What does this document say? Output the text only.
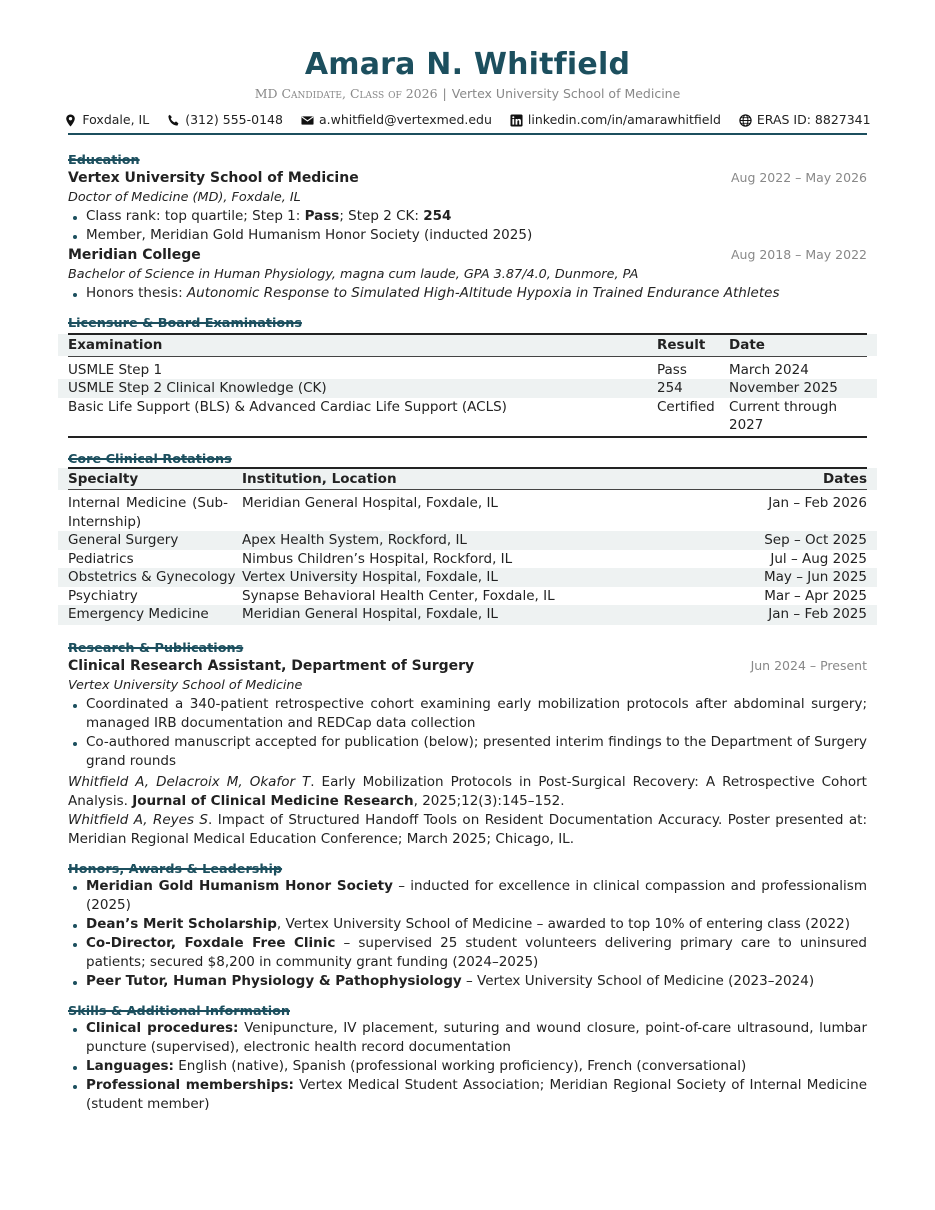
Amara N. Whitfield
MD Candidate, Class of 2026 | Vertex University School of Medicine
Foxdale, IL	(312) 555-0148	a.whitfield@vertexmed.edu	linkedin.com/in/amarawhitfield	ERAS ID: 8827341
Education
Vertex University School of Medicine	Aug 2022 – May 2026
Doctor of Medicine (MD), Foxdale, IL
Class rank: top quartile; Step 1: Pass; Step 2 CK: 254
Member, Meridian Gold Humanism Honor Society (inducted 2025)
Meridian College	Aug 2018 – May 2022
Bachelor of Science in Human Physiology, magna cum laude, GPA 3.87/4.0, Dunmore, PA
Honors thesis: Autonomic Response to Simulated High-Altitude Hypoxia in Trained Endurance Athletes
Licensure & Board Examinations
Examination	Result	Date
USMLE Step 1	Pass	March 2024
USMLE Step 2 Clinical Knowledge (CK)	254	November 2025
Basic Life Support (BLS) & Advanced Cardiac Life Support (ACLS)	Certified	Current through 2027
Core Clinical Rotations
Specialty	Institution, Location	Dates
Internal Medicine (Sub-Internship)	Meridian General Hospital, Foxdale, IL	Jan – Feb 2026
General Surgery	Apex Health System, Rockford, IL	Sep – Oct 2025
Pediatrics	Nimbus Children’s Hospital, Rockford, IL	Jul – Aug 2025
Obstetrics & Gynecology	Vertex University Hospital, Foxdale, IL	May – Jun 2025
Psychiatry	Synapse Behavioral Health Center, Foxdale, IL	Mar – Apr 2025
Emergency Medicine	Meridian General Hospital, Foxdale, IL	Jan – Feb 2025
Research & Publications
Clinical Research Assistant, Department of Surgery	Jun 2024 – Present
Vertex University School of Medicine
Coordinated a 340-patient retrospective cohort examining early mobilization protocols after abdominal surgery; managed IRB documentation and REDCap data collection
Co-authored manuscript accepted for publication (below); presented interim findings to the Department of Surgery grand rounds
Whitfield A, Delacroix M, Okafor T. Early Mobilization Protocols in Post-Surgical Recovery: A Retrospective Cohort Analysis. Journal of Clinical Medicine Research, 2025;12(3):145–152.
Whitfield A, Reyes S. Impact of Structured Handoff Tools on Resident Documentation Accuracy. Poster presented at: Meridian Regional Medical Education Conference; March 2025; Chicago, IL.
Honors, Awards & Leadership
Meridian Gold Humanism Honor Society – inducted for excellence in clinical compassion and professionalism (2025)
Dean’s Merit Scholarship, Vertex University School of Medicine – awarded to top 10% of entering class (2022)
Co-Director, Foxdale Free Clinic – supervised 25 student volunteers delivering primary care to uninsured patients; secured $8,200 in community grant funding (2024–2025)
Peer Tutor, Human Physiology & Pathophysiology – Vertex University School of Medicine (2023–2024)
Skills & Additional Information
Clinical procedures: Venipuncture, IV placement, suturing and wound closure, point-of-care ultrasound, lumbar puncture (supervised), electronic health record documentation
Languages: English (native), Spanish (professional working proficiency), French (conversational)
Professional memberships: Vertex Medical Student Association; Meridian Regional Society of Internal Medicine (student member)
